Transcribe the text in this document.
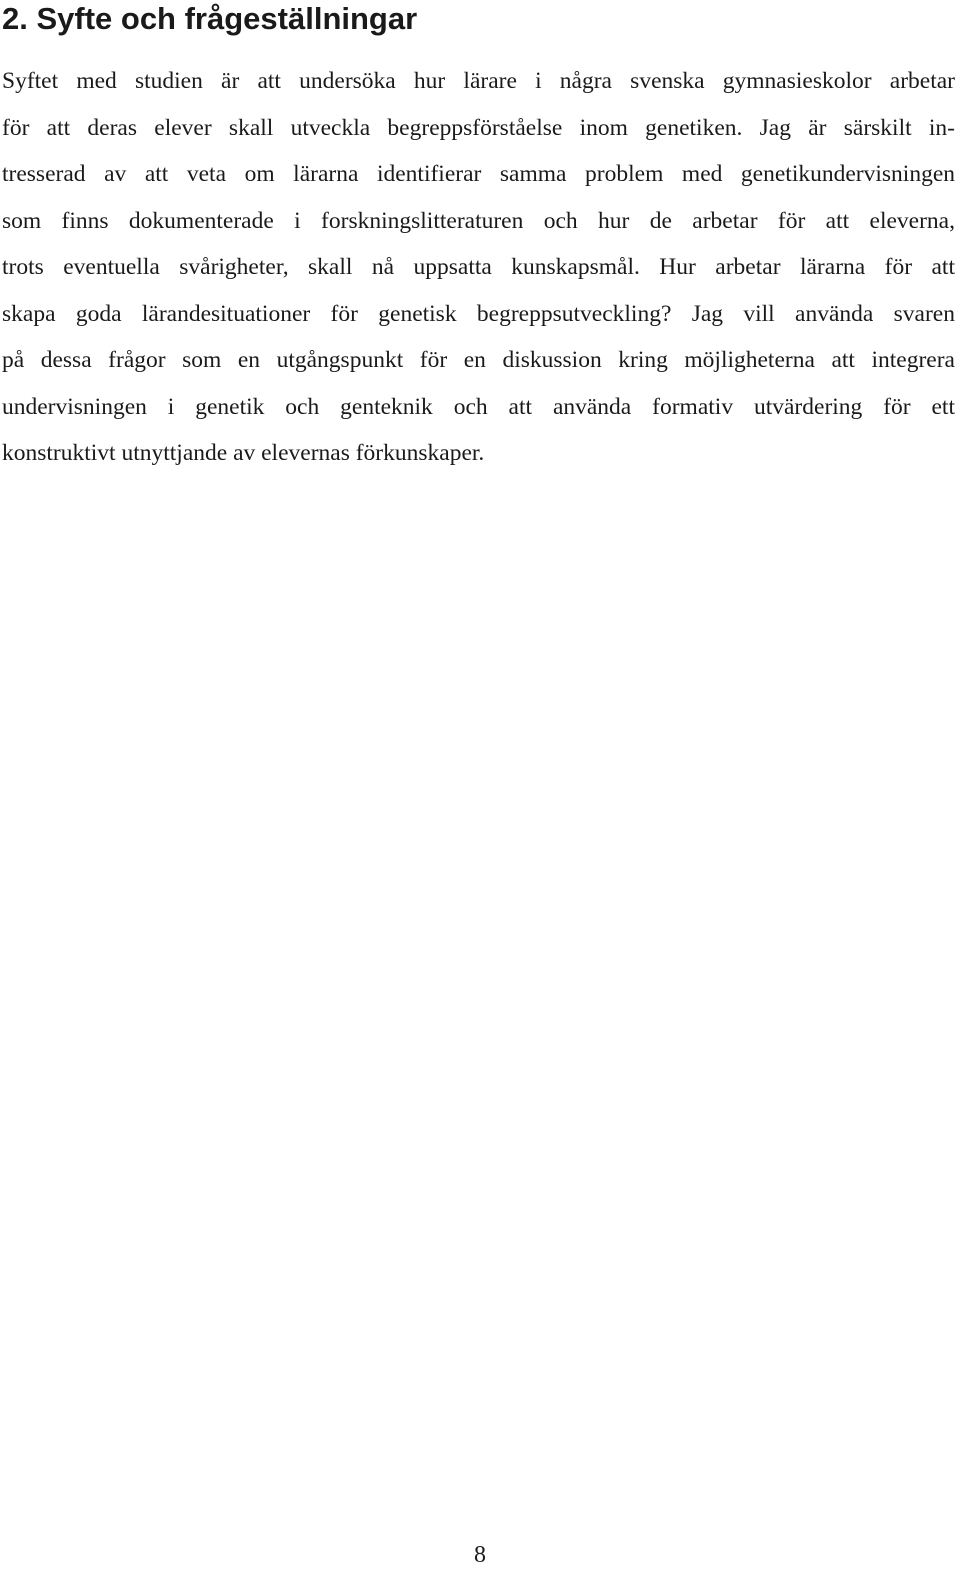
2. Syfte och frågeställningar
Syftet med studien är att undersöka hur lärare i några svenska gymnasieskolor arbetar
för att deras elever skall utveckla begreppsförståelse inom genetiken. Jag är särskilt in-
tresserad av att veta om lärarna identifierar samma problem med genetikundervisningen
som finns dokumenterade i forskningslitteraturen och hur de arbetar för att eleverna,
trots eventuella svårigheter, skall nå uppsatta kunskapsmål. Hur arbetar lärarna för att
skapa goda lärandesituationer för genetisk begreppsutveckling? Jag vill använda svaren
på dessa frågor som en utgångspunkt för en diskussion kring möjligheterna att integrera
undervisningen i genetik och genteknik och att använda formativ utvärdering för ett
konstruktivt utnyttjande av elevernas förkunskaper.
8
